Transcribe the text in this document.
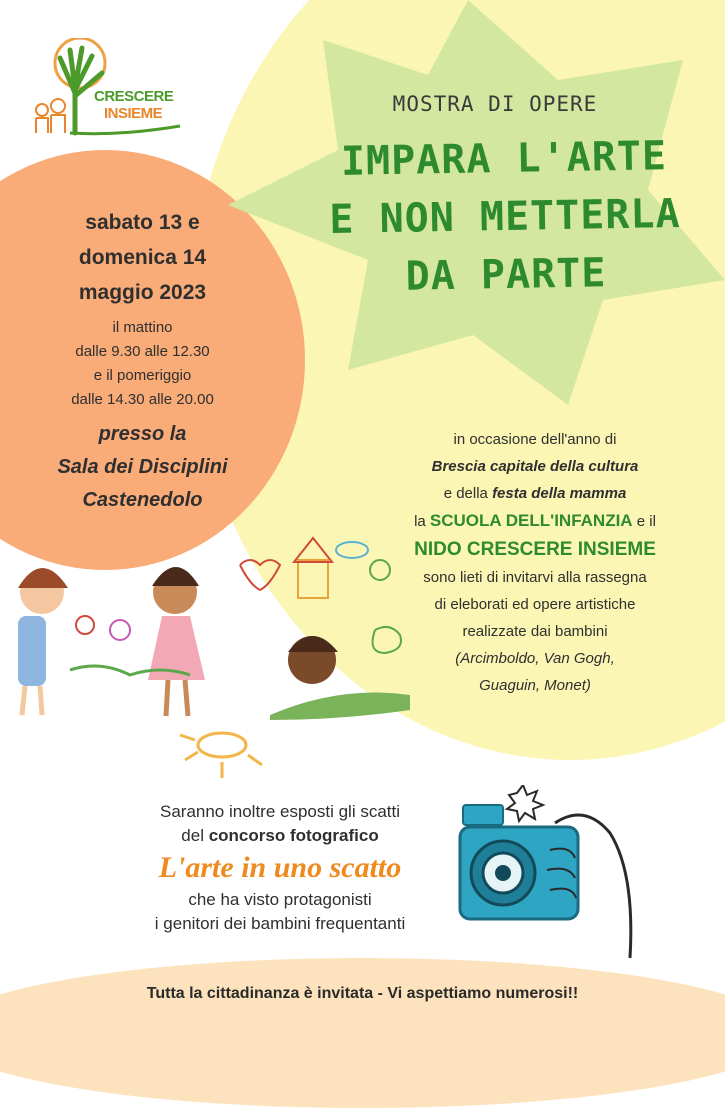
CRESCERE
INSIEME	MOSTRA DI OPERE
IMPARA L'ARTE
E NON METTERLA
DA PARTE
sabato 13 e
domenica 14
maggio 2023
il mattino
dalle 9.30 alle 12.30
e il pomeriggio
dalle 14.30 alle 20.00
presso la
Sala dei Disciplini
Castenedolo
in occasione dell'anno di
Brescia capitale della cultura
e della festa della mamma
la SCUOLA DELL'INFANZIA e il
NIDO CRESCERE INSIEME
sono lieti di invitarvi alla rassegna
di eleborati ed opere artistiche
realizzate dai bambini
(Arcimboldo, Van Gogh,
Guaguin, Monet)
Saranno inoltre esposti gli scatti
del concorso fotografico
L'arte in uno scatto
che ha visto protagonisti
i genitori dei bambini frequentanti
Tutta la cittadinanza è invitata - Vi aspettiamo numerosi!!
